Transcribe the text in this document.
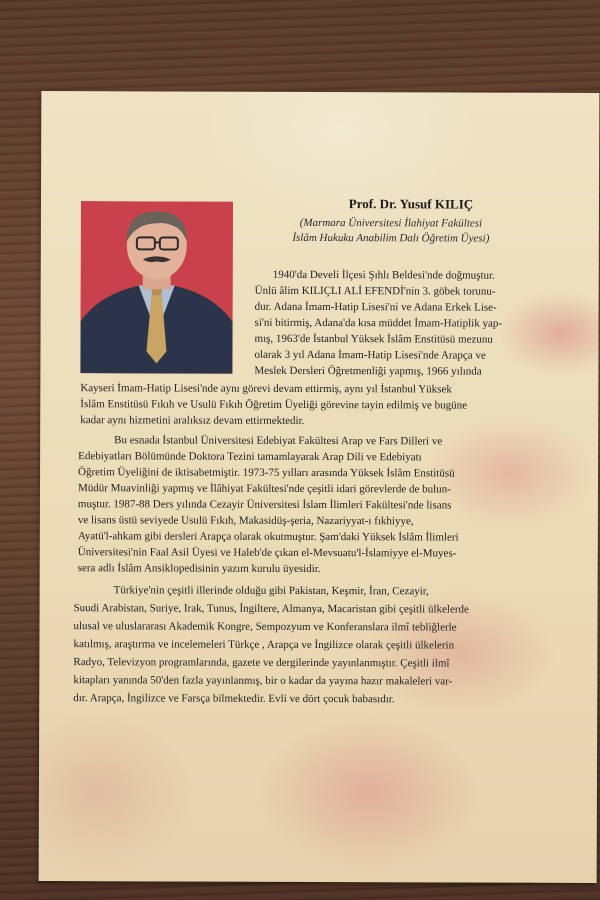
Prof. Dr. Yusuf KILIÇ

(Marmara Üniversitesi İlahiyat Fakültesi
İslâm Hukuku Anabilim Dalı Öğretim Üyesi)

1940'da Develi İlçesi Şıhlı Beldesi'nde doğmuştur.

Ünlü âlim KILIÇLI ALİ EFENDİ'nin 3. göbek torunu-

dur. Adana İmam-Hatip Lisesi'ni ve Adana Erkek Lise-

si'ni bitirmiş, Adana'da kısa müddet İmam-Hatiplik yap-

mış, 1963'de İstanbul Yüksek İslâm Enstitüsü mezunu

olarak 3 yıl Adana İmam-Hatip Lisesi'nde Arapça ve

Meslek Dersleri Öğretmenliği yapmış, 1966 yılında

Kayseri İmam-Hatip Lisesi'nde aynı görevi devam ettirmiş, aynı yıl İstanbul Yüksek

İslâm Enstitüsü Fıkıh ve Usulü Fıkıh Öğretim Üyeliği görevine tayin edilmiş ve bugüne

kadar aynı hizmetini aralıksız devam ettirmektedir.

Bu esnada İstanbul Üniversitesi Edebiyat Fakültesi Arap ve Fars Dilleri ve

Edebiyatları Bölümünde Doktora Tezini tamamlayarak Arap Dili ve Edebiyatı

Öğretim Üyeliğini de iktisabetmiştir. 1973-75 yılları arasında Yüksek İslâm Enstitüsü

Müdür Muavinliği yapmış ve İlâhiyat Fakültesi'nde çeşitli idari görevlerde de bulun-

muştur. 1987-88 Ders yılında Cezayir Üniversitesi İslam İlimleri Fakültesi'nde lisans

ve lisans üstü seviyede Usulü Fıkıh, Makasidüş-şeria, Nazariyyat-ı fıkhiyye,

Ayatü'l-ahkam gibi dersleri Arapça olarak okutmuştur. Şam'daki Yüksek İslâm İlimleri

Üniversitesi'nin Faal Asil Üyesi ve Haleb'de çıkan el-Mevsuatu'l-İslamiyye el-Muyes-

sera adlı İslâm Ansiklopedisinin yazım kurulu üyesidir.

Türkiye'nin çeşitli illerinde olduğu gibi Pakistan, Keşmir, İran, Cezayir,

Suudi Arabistan, Suriye, Irak, Tunus, İngiltere, Almanya, Macaristan gibi çeşitli ülkelerde

ulusal ve uluslararası Akademik Kongre, Sempozyum ve Konferanslara ilmî tebliğlerle

katılmış, araştırma ve incelemeleri Türkçe , Arapça ve İngilizce olarak çeşitli ülkelerin

Radyo, Televizyon programlarında, gazete ve dergilerinde yayınlanmıştır. Çeşitli ilmî

kitapları yanında 50'den fazla yayınlanmış, bir o kadar da yayına hazır makaleleri var-

dır. Arapça, İngilizce ve Farsça bilmektedir. Evli ve dört çocuk babasıdır.
